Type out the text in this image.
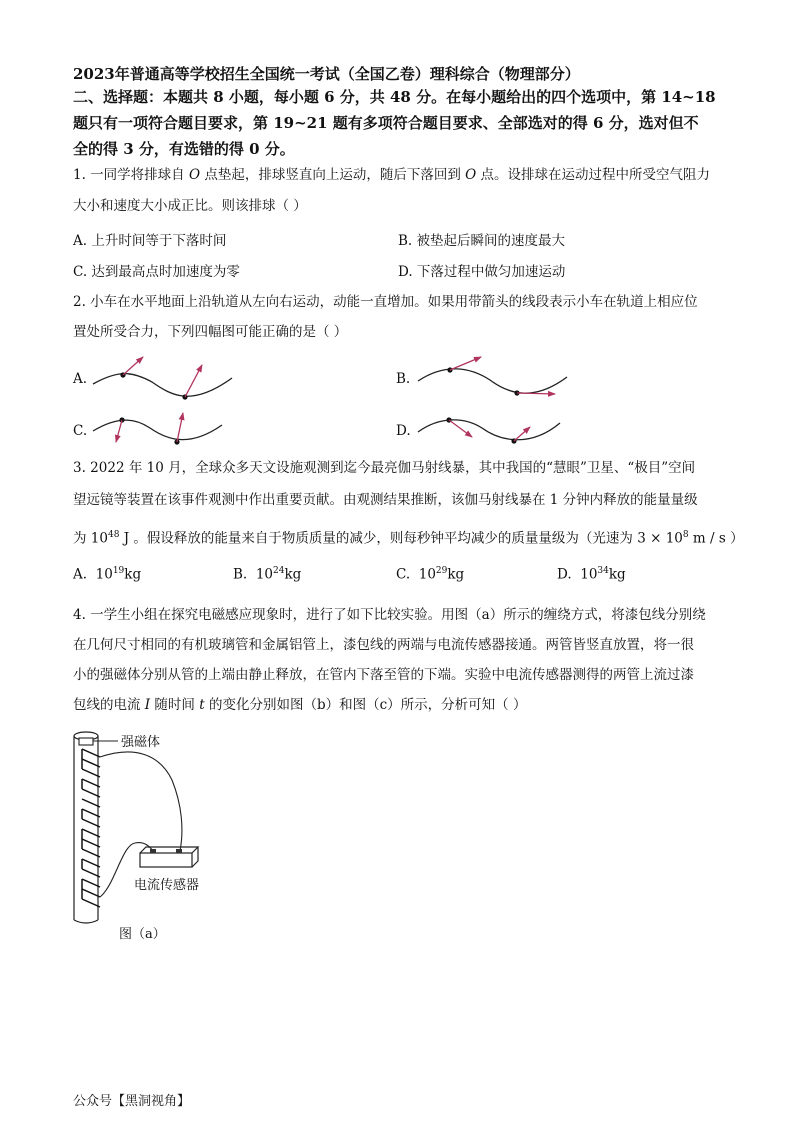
2023年普通高等学校招生全国统一考试（全国乙卷）理科综合（物理部分）
二、选择题：本题共 8 小题，每小题 6 分，共 48 分。在每小题给出的四个选项中，第 14~18
题只有一项符合题目要求，第 19~21 题有多项符合题目要求、全部选对的得 6 分，选对但不
全的得 3 分，有选错的得 0 分。
1. 一同学将排球自 O 点垫起，排球竖直向上运动，随后下落回到 O 点。设排球在运动过程中所受空气阻力
大小和速度大小成正比。则该排球（ ）
A. 上升时间等于下落时间	B. 被垫起后瞬间的速度最大
C. 达到最高点时加速度为零	D. 下落过程中做匀加速运动
2. 小车在水平地面上沿轨道从左向右运动，动能一直增加。如果用带箭头的线段表示小车在轨道上相应位
置处所受合力，下列四幅图可能正确的是（ ）
A.	B.
C.	D.
3. 2022 年 10 月，全球众多天文设施观测到迄今最亮伽马射线暴，其中我国的“慧眼”卫星、“极目”空间
望远镜等装置在该事件观测中作出重要贡献。由观测结果推断，该伽马射线暴在 1 分钟内释放的能量量级
为 $10^{48}$ J 。假设释放的能量来自于物质质量的减少，则每秒钟平均减少的质量量级为（光速为 $3 \times 10^8$ m / s ）
A. $10^{19}kg$	B. $10^{24}kg$	C. $10^{29}kg$	D. $10^{34}kg$
4. 一学生小组在探究电磁感应现象时，进行了如下比较实验。用图（a）所示的缠绕方式，将漆包线分别绕
在几何尺寸相同的有机玻璃管和金属铝管上，漆包线的两端与电流传感器接通。两管皆竖直放置，将一很
小的强磁体分别从管的上端由静止释放，在管内下落至管的下端。实验中电流传感器测得的两管上流过漆
包线的电流 I 随时间 t 的变化分别如图（b）和图（c）所示，分析可知（ ）
强磁体
电流传感器
图（a）
公众号【黑洞视角】
